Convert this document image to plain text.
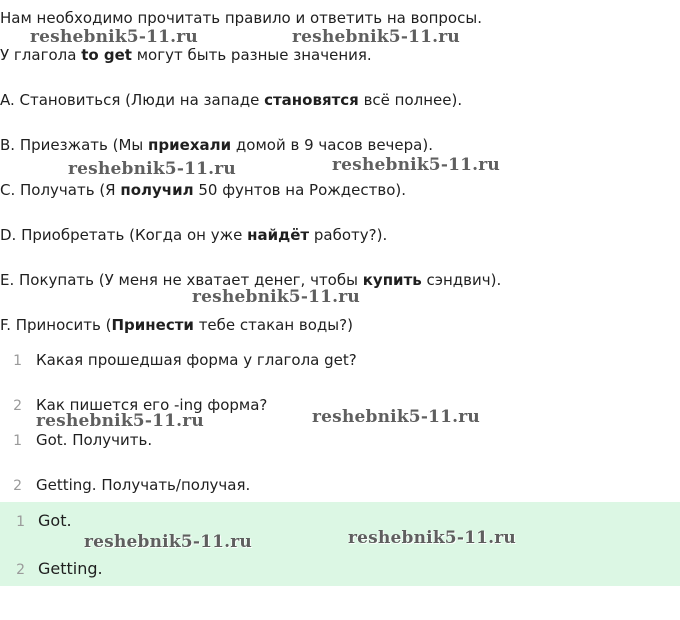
Нам необходимо прочитать правило и ответить на вопросы.
У глагола to get могут быть разные значения.
A. Становиться (Люди на западе становятся всё полнее).
B. Приезжать (Мы приехали домой в 9 часов вечера).
C. Получать (Я получил 50 фунтов на Рождество).
D. Приобретать (Когда он уже найдёт работу?).
E. Покупать (У меня не хватает денег, чтобы купить сэндвич).
F. Приносить (Принести тебе стакан воды?)
1 Какая прошедшая форма у глагола get?
2 Как пишется его -ing форма?
1 Got. Получить.
2 Getting. Получать/получая.
1 Got.
2 Getting.
reshebnik5-11.ru	reshebnik5-11.ru
reshebnik5-11.ru	reshebnik5-11.ru
reshebnik5-11.ru
reshebnik5-11.ru	reshebnik5-11.ru
reshebnik5-11.ru	reshebnik5-11.ru
